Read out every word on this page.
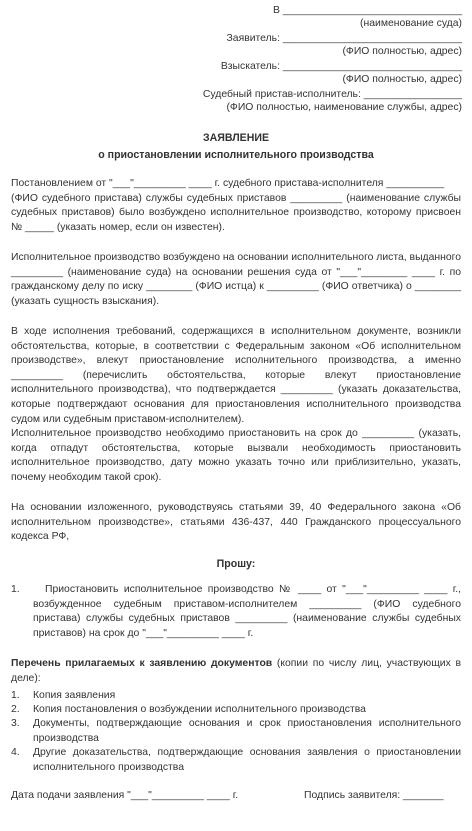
В _______________________________
(наименование суда)
Заявитель: _______________________________
(ФИО полностью, адрес)
Взыскатель: _______________________________
(ФИО полностью, адрес)
Судебный пристав-исполнитель: _________________
(ФИО полностью, наименование службы, адрес)
ЗАЯВЛЕНИЕ
о приостановлении исполнительного производства
Постановлением от "___"_________ ____ г. судебного пристава-исполнителя __________
(ФИО судебного пристава) службы судебных приставов _________ (наименование службы судебных приставов) было возбуждено исполнительное производство, которому присвоен № _____ (указать номер, если он известен).
Исполнительное производство возбуждено на основании исполнительного листа, выданного _________ (наименование суда) на основании решения суда от "___"________ ____ г. по гражданскому делу по иску ________ (ФИО истца) к _________ (ФИО ответчика) о ________ (указать сущность взыскания).
В ходе исполнения требований, содержащихся в исполнительном документе, возникли обстоятельства, которые, в соответствии с Федеральным законом «Об исполнительном производстве», влекут приостановление исполнительного производства, а именно _________ (перечислить обстоятельства, которые влекут приостановление исполнительного производства), что подтверждается _________ (указать доказательства, которые подтверждают основания для приостановления исполнительного производства судом или судебным приставом-исполнителем).
Исполнительное производство необходимо приостановить на срок до _________ (указать, когда отпадут обстоятельства, которые вызвали необходимость приостановить исполнительное производство, дату можно указать точно или приблизительно, указать, почему необходим такой срок).
На основании изложенного, руководствуясь статьями 39, 40 Федерального закона «Об исполнительном производстве», статьями 436-437, 440 Гражданского процессуального кодекса РФ,
Прошу:
1.	Приостановить исполнительное производство № ____ от "___"_________ ____ г., возбужденное судебным приставом-исполнителем _________ (ФИО судебного пристава) службы судебных приставов _________ (наименование службы судебных приставов) на срок до "___"_________ ____ г.
Перечень прилагаемых к заявлению документов (копии по числу лиц, участвующих в деле):
1.	Копия заявления
2.	Копия постановления о возбуждении исполнительного производства
3.	Документы, подтверждающие основания и срок приостановления исполнительного производства
4.	Другие доказательства, подтверждающие основания заявления о приостановлении исполнительного производства
Дата подачи заявления "___"_________ ____ г.	Подпись заявителя: _______
